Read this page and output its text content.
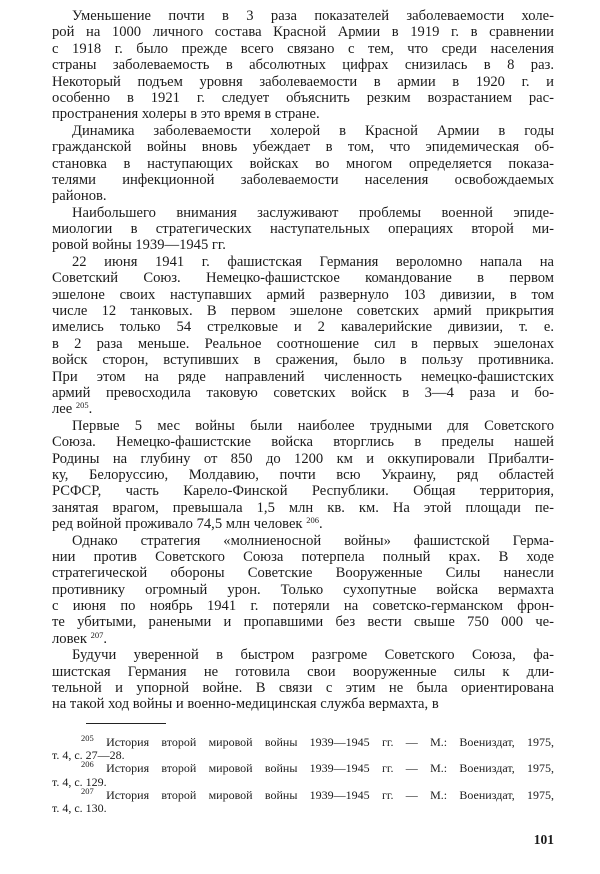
Уменьшение почти в 3 раза показателей заболеваемости холе-
рой на 1000 личного состава Красной Армии в 1919 г. в сравнении
с 1918 г. было прежде всего связано с тем, что среди населения
страны заболеваемость в абсолютных цифрах снизилась в 8 раз.
Некоторый подъем уровня заболеваемости в армии в 1920 г. и
особенно в 1921 г. следует объяснить резким возрастанием рас-
пространения холеры в это время в стране.
Динамика заболеваемости холерой в Красной Армии в годы
гражданской войны вновь убеждает в том, что эпидемическая об-
становка в наступающих войсках во многом определяется показа-
телями инфекционной заболеваемости населения освобождаемых
районов.
Наибольшего внимания заслуживают проблемы военной эпиде-
миологии в стратегических наступательных операциях второй ми-
ровой войны 1939—1945 гг.
22 июня 1941 г. фашистская Германия вероломно напала на
Советский Союз. Немецко-фашистское командование в первом
эшелоне своих наступавших армий развернуло 103 дивизии, в том
числе 12 танковых. В первом эшелоне советских армий прикрытия
имелись только 54 стрелковые и 2 кавалерийские дивизии, т. е.
в 2 раза меньше. Реальное соотношение сил в первых эшелонах
войск сторон, вступивших в сражения, было в пользу противника.
При этом на ряде направлений численность немецко-фашистских
армий превосходила таковую советских войск в 3—4 раза и бо-
лее $^{205}$.
Первые 5 мес войны были наиболее трудными для Советского
Союза. Немецко-фашистские войска вторглись в пределы нашей
Родины на глубину от 850 до 1200 км и оккупировали Прибалти-
ку, Белоруссию, Молдавию, почти всю Украину, ряд областей
РСФСР, часть Карело-Финской Республики. Общая территория,
занятая врагом, превышала 1,5 млн кв. км. На этой площади пе-
ред войной проживало 74,5 млн человек $^{206}$.
Однако стратегия «молниеносной войны» фашистской Герма-
нии против Советского Союза потерпела полный крах. В ходе
стратегической обороны Советские Вооруженные Силы нанесли
противнику огромный урон. Только сухопутные войска вермахта
с июня по ноябрь 1941 г. потеряли на советско-германском фрон-
те убитыми, ранеными и пропавшими без вести свыше 750 000 че-
ловек $^{207}$.
Будучи уверенной в быстром разгроме Советского Союза, фа-
шистская Германия не готовила свои вооруженные силы к дли-
тельной и упорной войне. В связи с этим не была ориентирована
на такой ход войны и военно-медицинская служба вермахта, в
$^{205}$ История второй мировой войны 1939—1945 гг. — М.: Воениздат, 1975,
т. 4, с. 27—28.
$^{206}$ История второй мировой войны 1939—1945 гг. — М.: Воениздат, 1975,
т. 4, с. 129.
$^{207}$ История второй мировой войны 1939—1945 гг. — М.: Воениздат, 1975,
т. 4, с. 130.
101
